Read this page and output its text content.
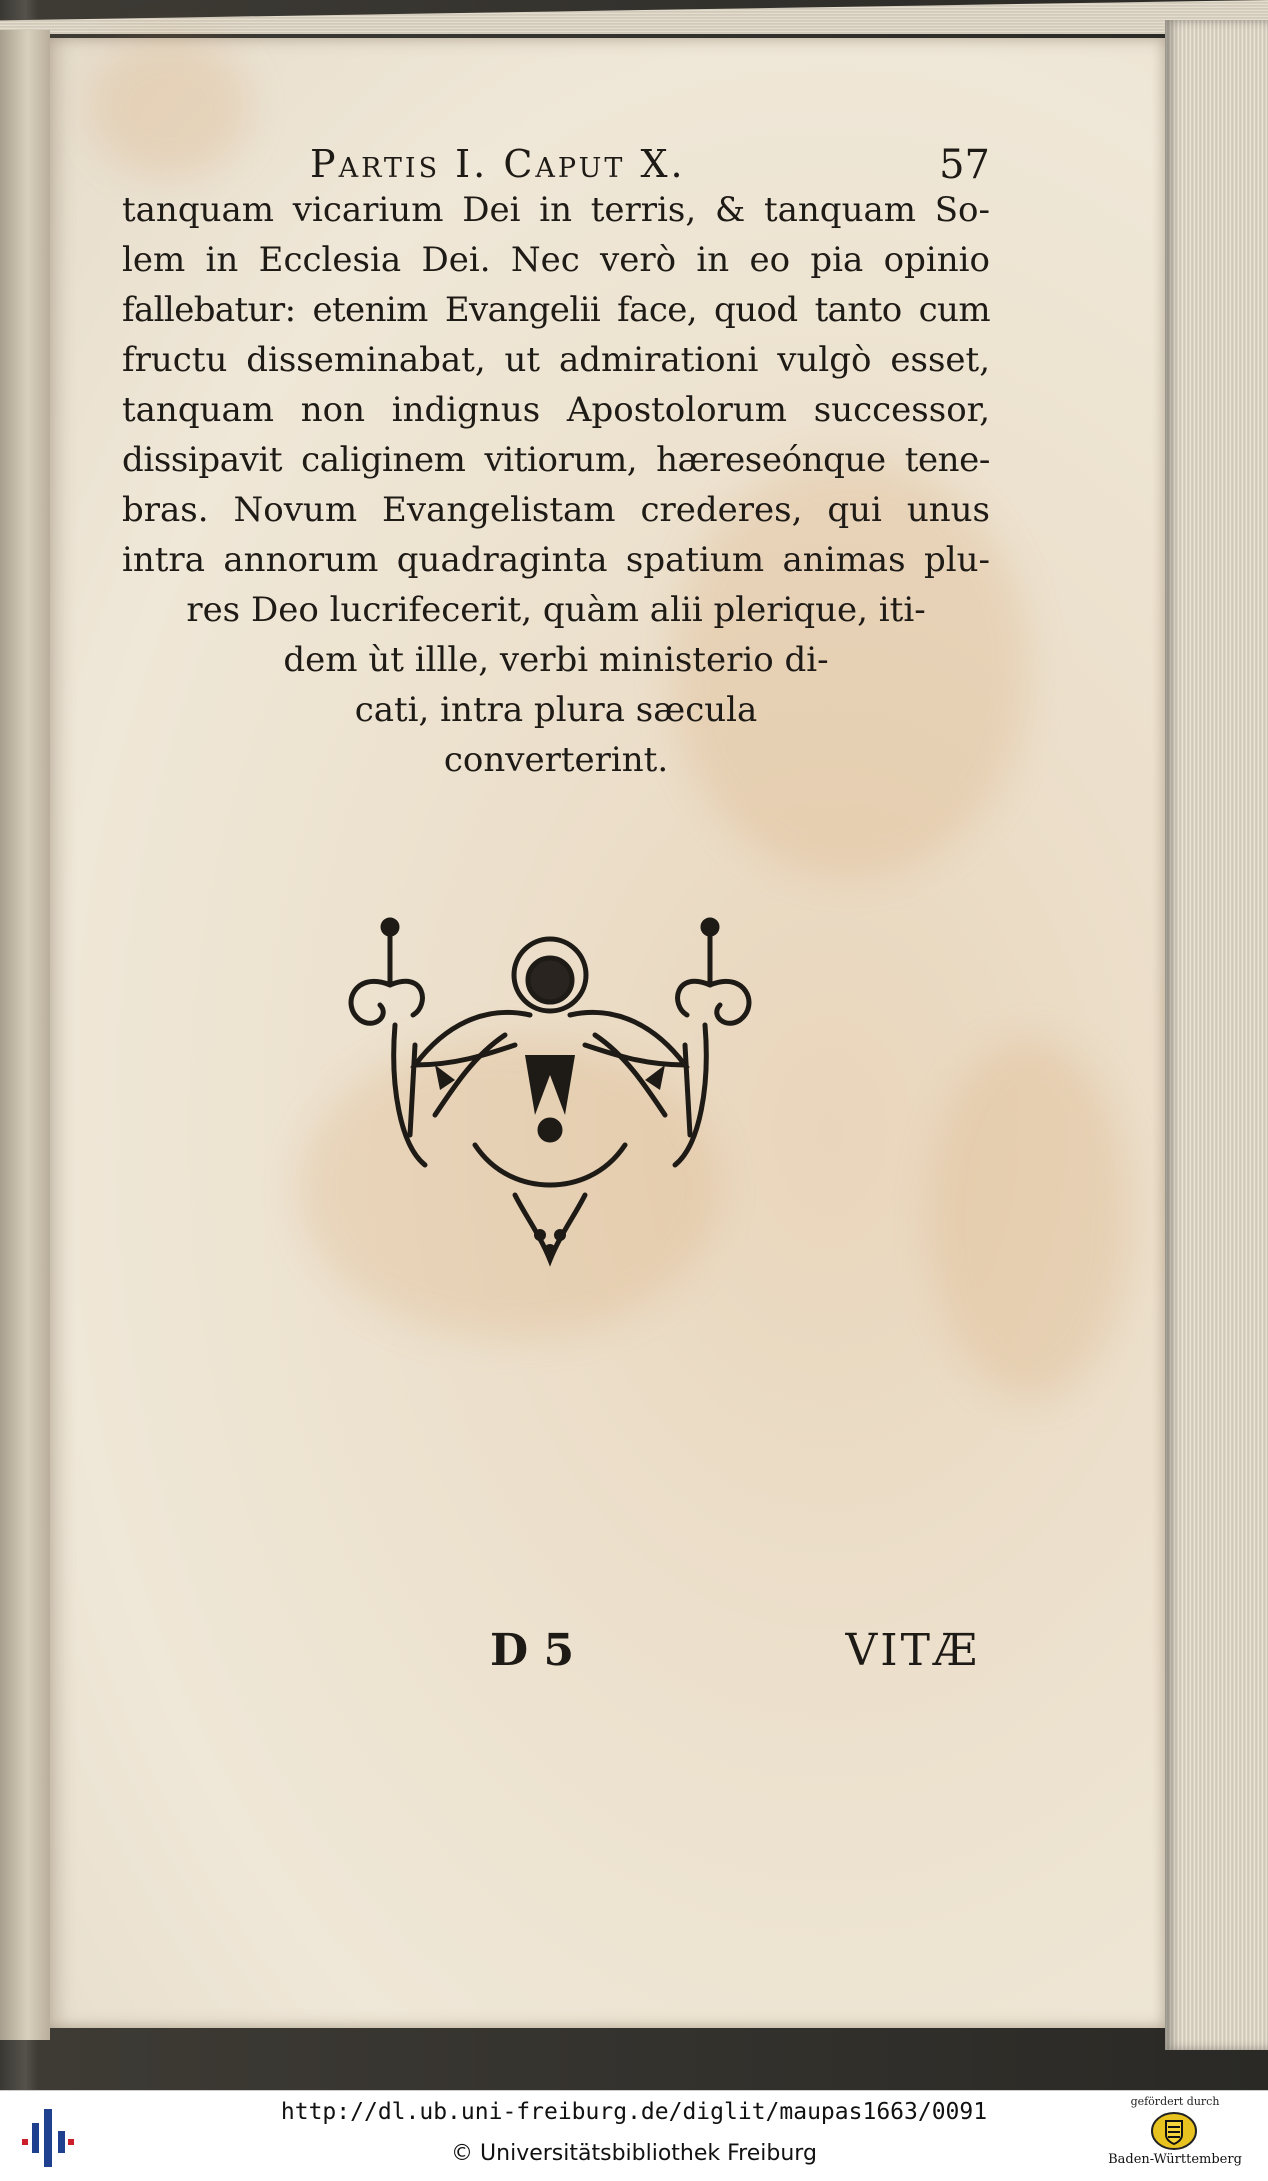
Partis I. Caput X.	57
tanquam vicarium Dei in terris, & tanquam So-
lem in Ecclesia Dei. Nec verò in eo pia opinio
fallebatur: etenim Evangelii face, quod tanto cum
fructu disseminabat, ut admirationi vulgò esset,
tanquam non indignus Apostolorum successor,
dissipavit caliginem vitiorum, hæreseónque tene-
bras. Novum Evangelistam crederes, qui unus
intra annorum quadraginta spatium animas plu-
res Deo lucrifecerit, quàm alii plerique, iti-
dem ùt illle, verbi ministerio di-
cati, intra plura sæcula
converterint.
D 5	VITÆ
http://dl.ub.uni-freiburg.de/diglit/maupas1663/0091
© Universitätsbibliothek Freiburg
gefördert durch
Baden-Württemberg
